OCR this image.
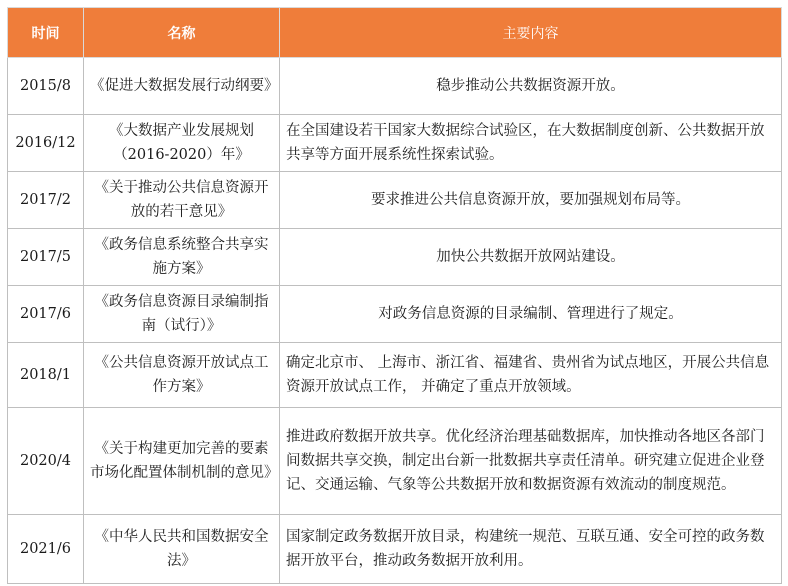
时间	名称	主要内容
2015/8	《促进大数据发展行动纲要》	稳步推动公共数据资源开放。
2016/12	《大数据产业发展规划（2016-2020）年》	在全国建设若干国家大数据综合试验区，在大数据制度创新、公共数据开放共享等方面开展系统性探索试验。
2017/2	《关于推动公共信息资源开放的若干意见》	要求推进公共信息资源开放，要加强规划布局等。
2017/5	《政务信息系统整合共享实施方案》	加快公共数据开放网站建设。
2017/6	《政务信息资源目录编制指南（试行）》	对政务信息资源的目录编制、管理进行了规定。
2018/1	《公共信息资源开放试点工作方案》	确定北京市、 上海市、浙江省、福建省、贵州省为试点地区，开展公共信息资源开放试点工作， 并确定了重点开放领域。
2020/4	《关于构建更加完善的要素市场化配置体制机制的意见》	推进政府数据开放共享。优化经济治理基础数据库，加快推动各地区各部门间数据共享交换，制定出台新一批数据共享责任清单。研究建立促进企业登记、交通运输、气象等公共数据开放和数据资源有效流动的制度规范。
2021/6	《中华人民共和国数据安全法》	国家制定政务数据开放目录，构建统一规范、互联互通、安全可控的政务数据开放平台，推动政务数据开放利用。
